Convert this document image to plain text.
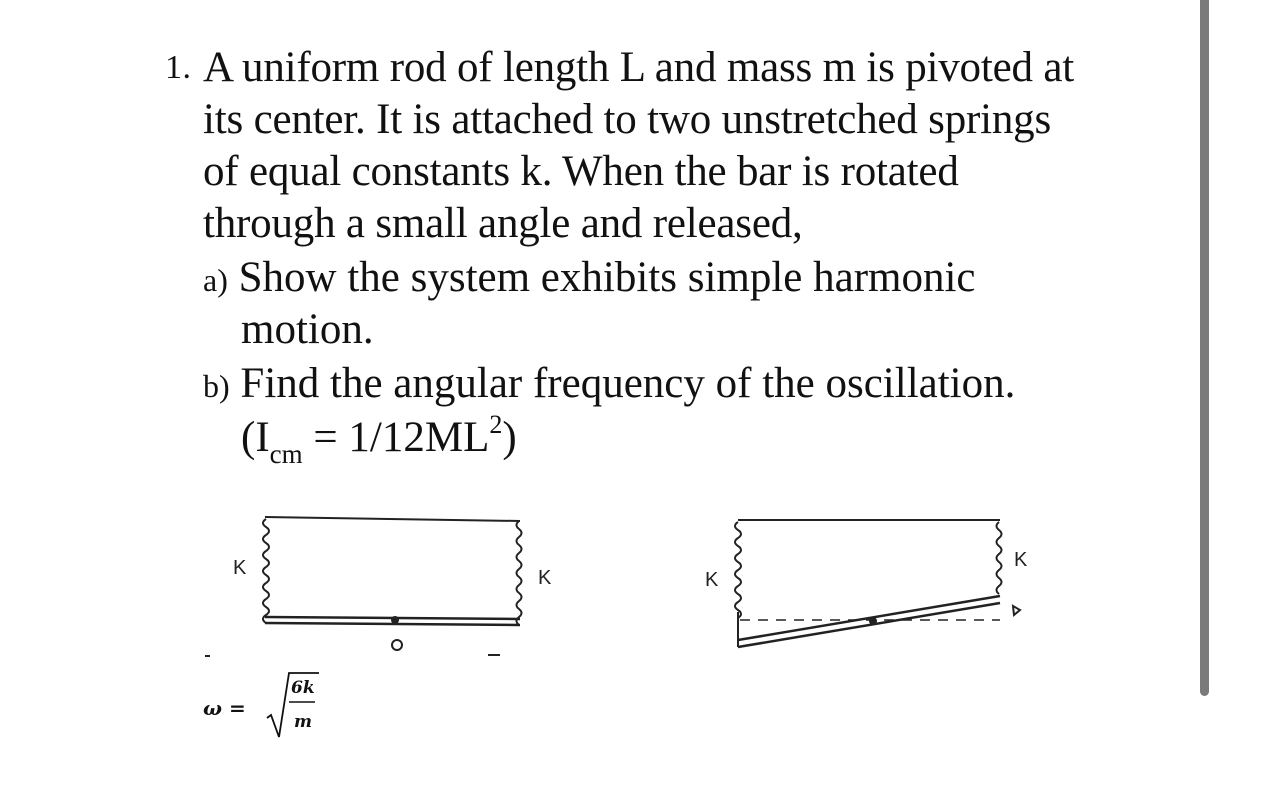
1. A uniform rod of length L and mass m is pivoted at
its center. It is attached to two unstretched springs
of equal constants k. When the bar is rotated
through a small angle and released,
a) Show the system exhibits simple harmonic
motion.
b) Find the angular frequency of the oscillation.
$(I_{cm} = 1/12ML^2)$
K	K	K
K
ω =
6k
m
